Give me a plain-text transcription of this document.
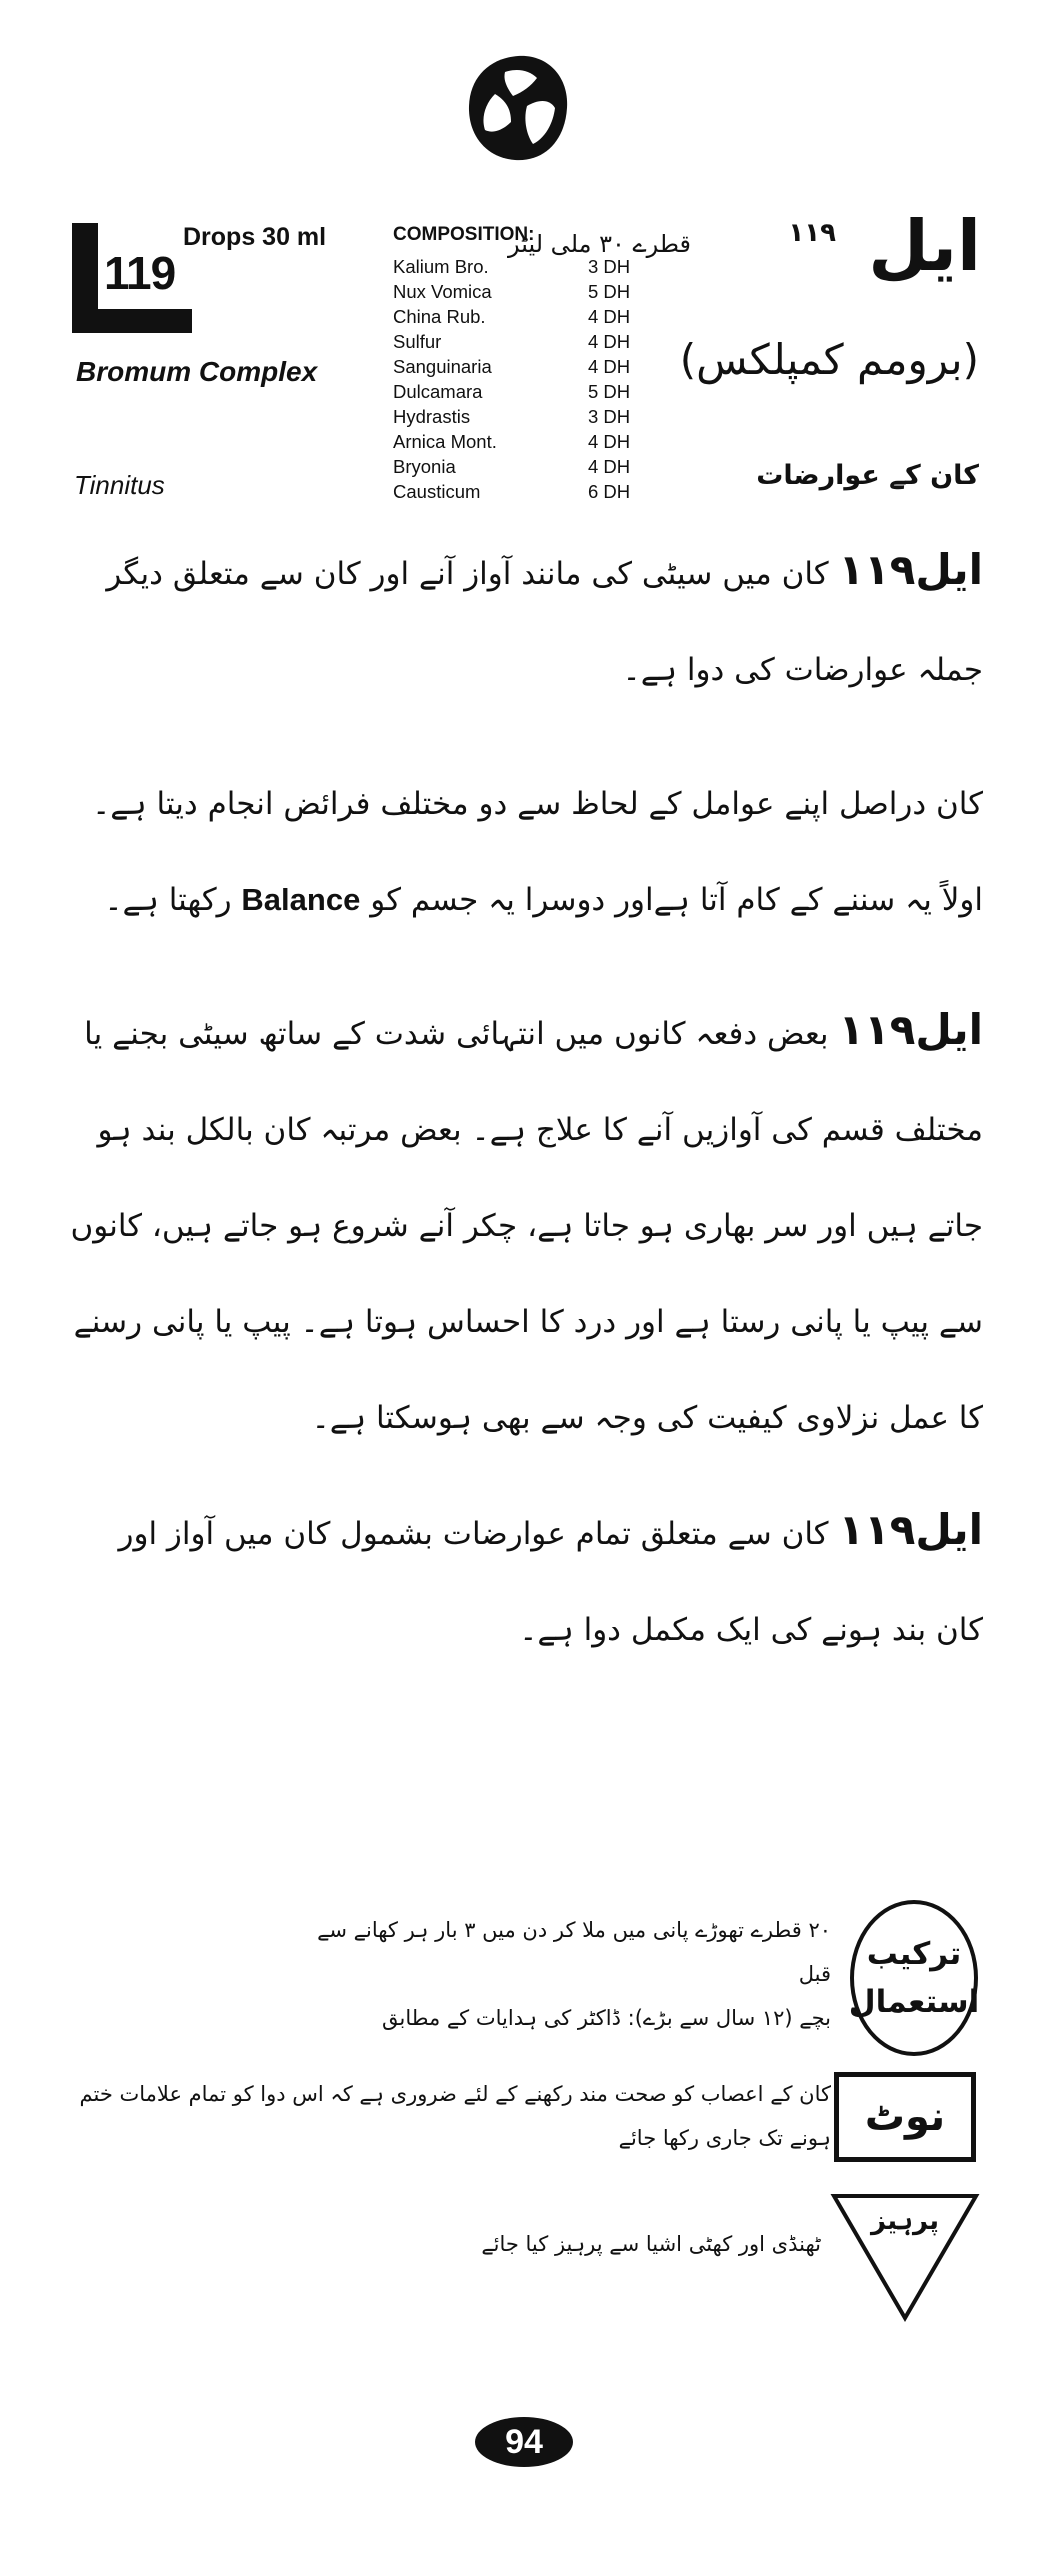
119
Drops 30 ml
Bromum Complex
Tinnitus
COMPOSITION:
Kalium Bro.	3 DH
Nux Vomica	5 DH
China Rub.	4 DH
Sulfur	4 DH
Sanguinaria	4 DH
Dulcamara	5 DH
Hydrastis	3 DH
Arnica Mont.	4 DH
Bryonia	4 DH
Causticum	6 DH
قطرے ۳۰ ملی لیٹر	۱۱۹ ایل
(برومم کمپلکس)
کان کے عوارضات
ایل۱۱۹ کان میں سیٹی کی مانند آواز آنے اور کان سے متعلق دیگر جملہ عوارضات کی دوا ہے۔
کان دراصل اپنے عوامل کے لحاظ سے دو مختلف فرائض انجام دیتا ہے۔اولاً یہ سننے کے کام آتا ہےاور دوسرا یہ جسم کو Balance رکھتا ہے۔
ایل۱۱۹ بعض دفعہ کانوں میں انتہائی شدت کے ساتھ سیٹی بجنے یا مختلف قسم کی آوازیں آنے کا علاج ہے۔ بعض مرتبہ کان بالکل بند ہو جاتے ہیں اور سر بھاری ہو جاتا ہے، چکر آنے شروع ہو جاتے ہیں، کانوں سے پیپ یا پانی رستا ہے اور درد کا احساس ہوتا ہے۔ پیپ یا پانی رسنے کا عمل نزلاوی کیفیت کی وجہ سے بھی ہوسکتا ہے۔
ایل۱۱۹ کان سے متعلق تمام عوارضات بشمول کان میں آواز اور کان بند ہونے کی ایک مکمل دوا ہے۔
ترکیب استعمال
۲۰ قطرے تھوڑے پانی میں ملا کر دن میں ۳ بار ہر کھانے سے قبل
بچے (۱۲ سال سے بڑے): ڈاکٹر کی ہدایات کے مطابق
نوٹ
کان کے اعصاب کو صحت مند رکھنے کے لئے ضروری ہے کہ اس دوا کو تمام علامات ختم ہونے تک جاری رکھا جائے
پرہیز
ٹھنڈی اور کھٹی اشیا سے پرہیز کیا جائے
94
